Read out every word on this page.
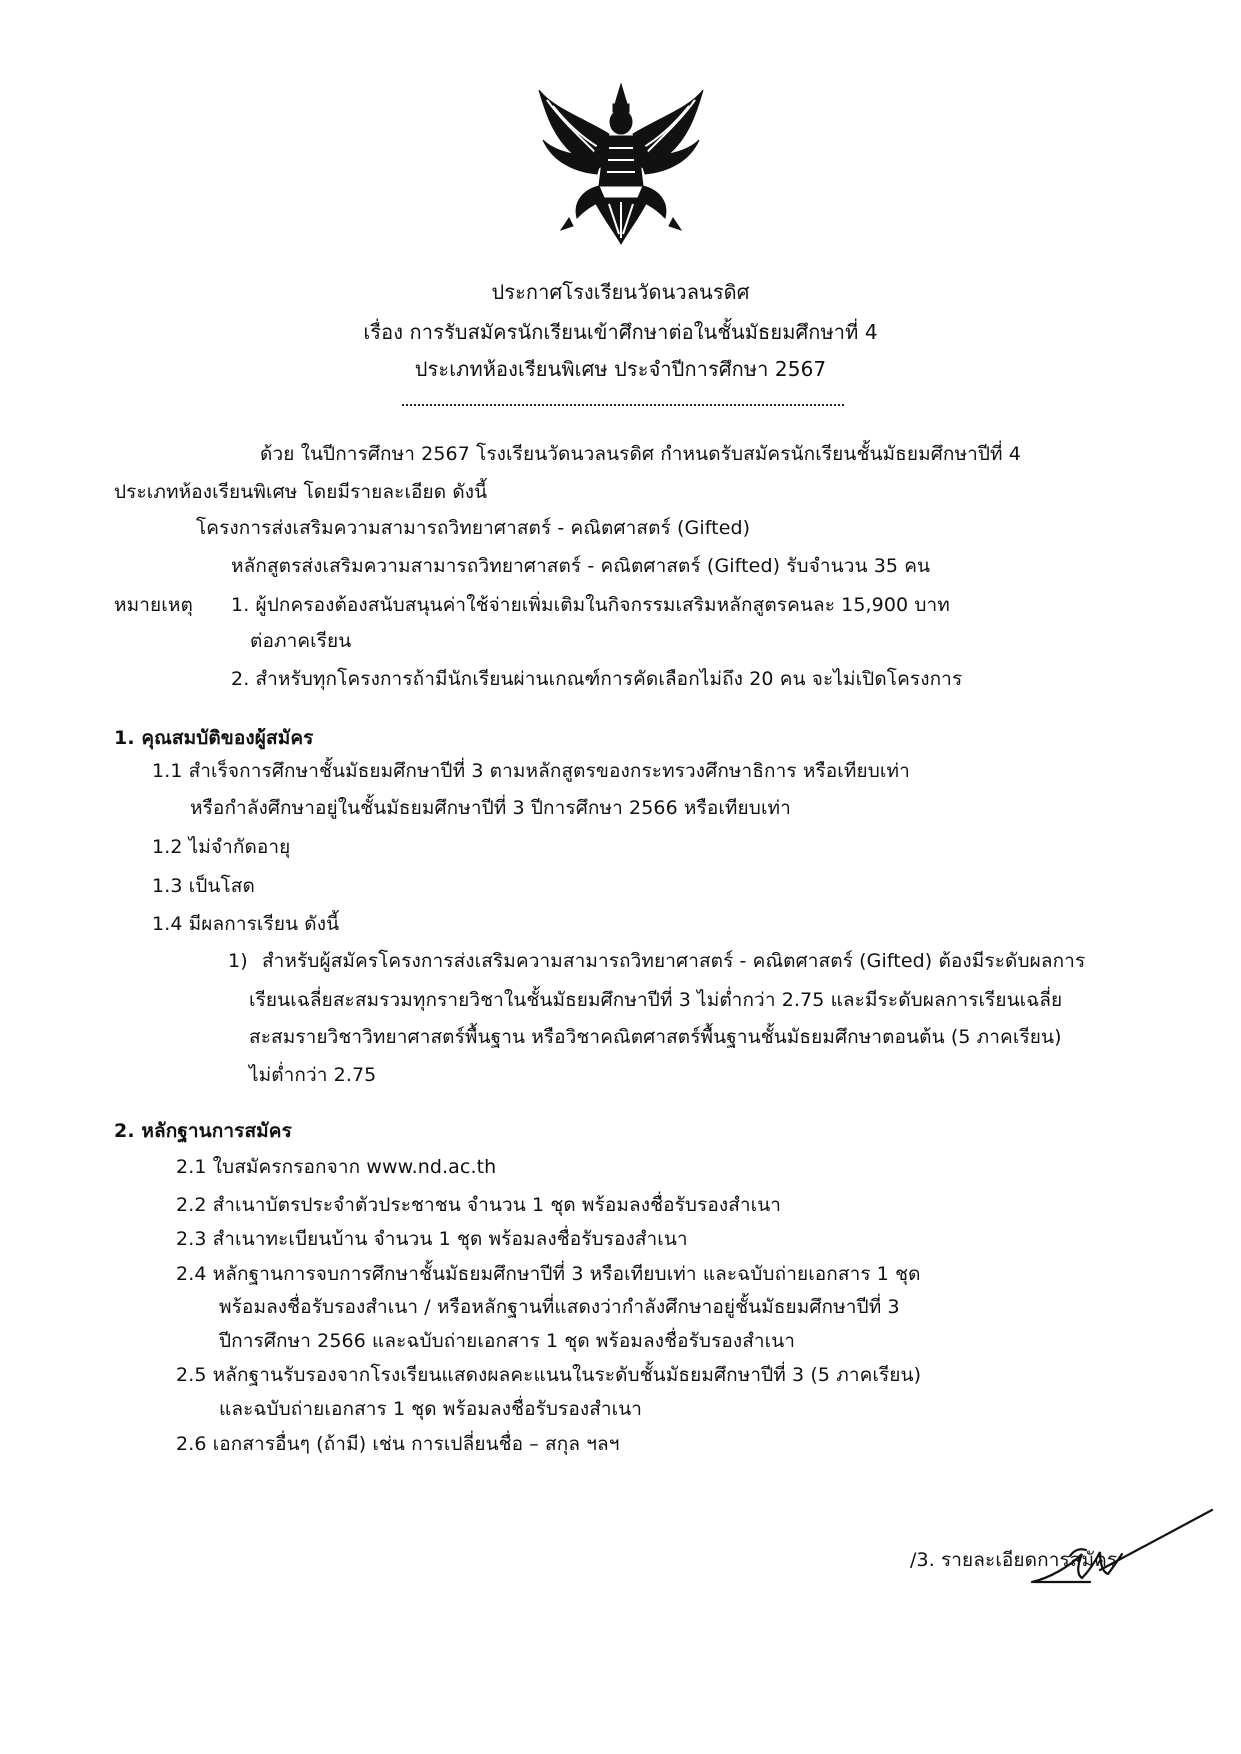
ประกาศโรงเรียนวัดนวลนรดิศ
เรื่อง การรับสมัครนักเรียนเข้าศึกษาต่อในชั้นมัธยมศึกษาที่ 4
ประเภทห้องเรียนพิเศษ ประจำปีการศึกษา 2567
ด้วย ในปีการศึกษา 2567 โรงเรียนวัดนวลนรดิศ กำหนดรับสมัครนักเรียนชั้นมัธยมศึกษาปีที่ 4
ประเภทห้องเรียนพิเศษ โดยมีรายละเอียด ดังนี้
โครงการส่งเสริมความสามารถวิทยาศาสตร์ - คณิตศาสตร์ (Gifted)
หลักสูตรส่งเสริมความสามารถวิทยาศาสตร์ - คณิตศาสตร์ (Gifted) รับจำนวน 35 คน
หมายเหตุ 1. ผู้ปกครองต้องสนับสนุนค่าใช้จ่ายเพิ่มเติมในกิจกรรมเสริมหลักสูตรคนละ 15,900 บาท
ต่อภาคเรียน
2. สำหรับทุกโครงการถ้ามีนักเรียนผ่านเกณฑ์การคัดเลือกไม่ถึง 20 คน จะไม่เปิดโครงการ
1. คุณสมบัติของผู้สมัคร
1.1 สำเร็จการศึกษาชั้นมัธยมศึกษาปีที่ 3 ตามหลักสูตรของกระทรวงศึกษาธิการ หรือเทียบเท่า
หรือกำลังศึกษาอยู่ในชั้นมัธยมศึกษาปีที่ 3 ปีการศึกษา 2566 หรือเทียบเท่า
1.2 ไม่จำกัดอายุ
1.3 เป็นโสด
1.4 มีผลการเรียน ดังนี้
1) สำหรับผู้สมัครโครงการส่งเสริมความสามารถวิทยาศาสตร์ - คณิตศาสตร์ (Gifted) ต้องมีระดับผลการ
เรียนเฉลี่ยสะสมรวมทุกรายวิชาในชั้นมัธยมศึกษาปีที่ 3 ไม่ต่ำกว่า 2.75 และมีระดับผลการเรียนเฉลี่ย
สะสมรายวิชาวิทยาศาสตร์พื้นฐาน หรือวิชาคณิตศาสตร์พื้นฐานชั้นมัธยมศึกษาตอนต้น (5 ภาคเรียน)
ไม่ต่ำกว่า 2.75
2. หลักฐานการสมัคร
2.1 ใบสมัครกรอกจาก www.nd.ac.th
2.2 สำเนาบัตรประจำตัวประชาชน จำนวน 1 ชุด พร้อมลงชื่อรับรองสำเนา
2.3 สำเนาทะเบียนบ้าน จำนวน 1 ชุด พร้อมลงชื่อรับรองสำเนา
2.4 หลักฐานการจบการศึกษาชั้นมัธยมศึกษาปีที่ 3 หรือเทียบเท่า และฉบับถ่ายเอกสาร 1 ชุด
พร้อมลงชื่อรับรองสำเนา / หรือหลักฐานที่แสดงว่ากำลังศึกษาอยู่ชั้นมัธยมศึกษาปีที่ 3
ปีการศึกษา 2566 และฉบับถ่ายเอกสาร 1 ชุด พร้อมลงชื่อรับรองสำเนา
2.5 หลักฐานรับรองจากโรงเรียนแสดงผลคะแนนในระดับชั้นมัธยมศึกษาปีที่ 3 (5 ภาคเรียน)
และฉบับถ่ายเอกสาร 1 ชุด พร้อมลงชื่อรับรองสำเนา
2.6 เอกสารอื่นๆ (ถ้ามี) เช่น การเปลี่ยนชื่อ – สกุล ฯลฯ
/3. รายละเอียดการสมัคร
